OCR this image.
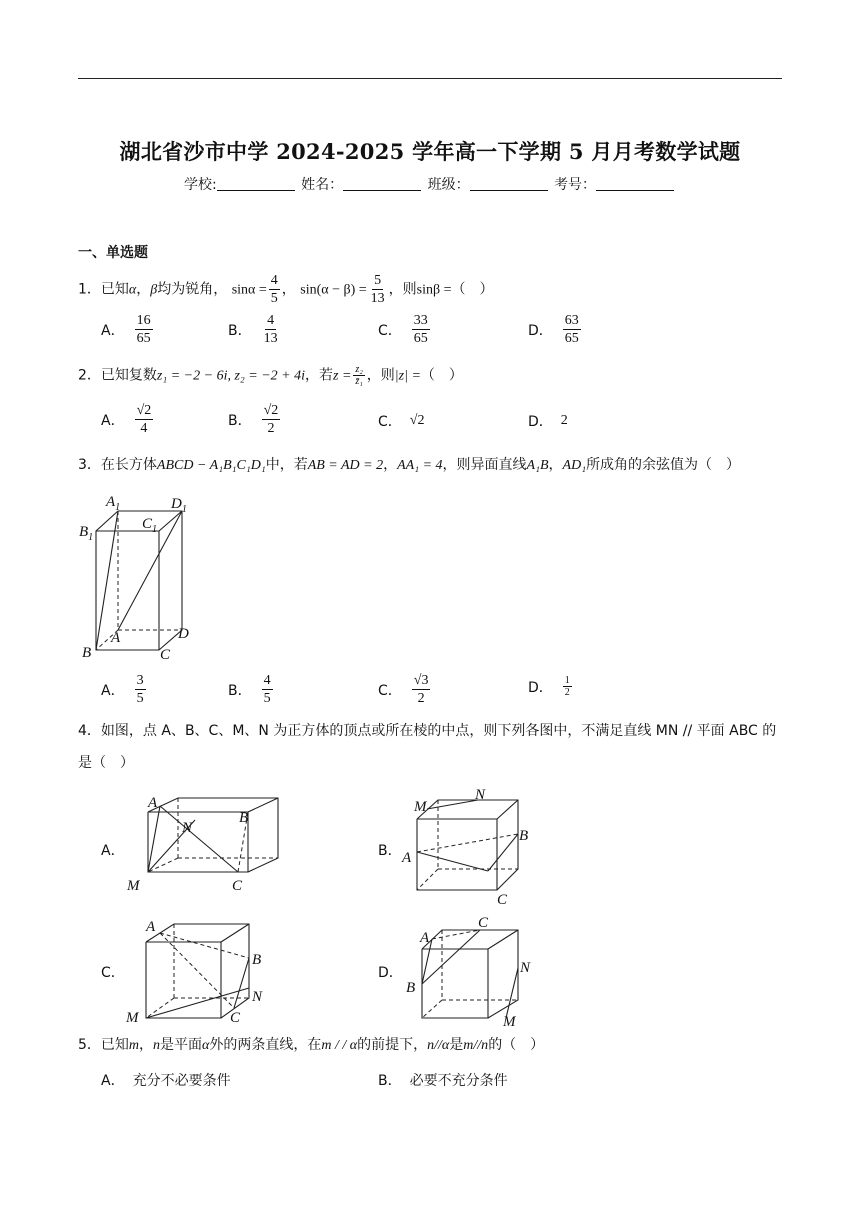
湖北省沙市中学 2024-2025 学年高一下学期 5 月月考数学试题
学校:	姓名：	班级：	考号：
一、单选题
1．已知α，β均为锐角， $\sin\alpha = \frac{4}{5}$ ， $\sin(\alpha - \beta) = \frac{5}{13}$ ，则sinβ =（　）
A． $\frac{16}{65}$	B． $\frac{4}{13}$	C． $\frac{33}{65}$	D． $\frac{63}{65}$
2．已知复数z₁ = −2 − 6i, z₂ = −2 + 4i，若$z = \frac{\text{z₂}}{\text{z̄₁}}$ ，则|z| =（　）
A． $\frac{√2}{4}$	B． $\frac{√2}{2}$	C． √2	D． 2
3．在长方体ABCD − A₁B₁C₁D₁中，若AB = AD = 2，AA₁ = 4，则异面直线A₁B，AD₁所成角的余弦值为（　）
$A_1$	$D_1$
$B_1$
$C_1$
A
B	C
D
A． $\frac{3}{5}$	B． $\frac{4}{5}$	C． $\frac{√3}{2}$	D． $\frac{1}{2}$
4．如图，点 A、B、C、M、N 为正方体的顶点或所在棱的中点，则下列各图中，不满足直线 MN // 平面 ABC 的
是（　）
A．
A
B
C
M
N
B．
M
N
B
A
C
C．
A
B
N
C
M
D．
A
C
B
N
M
5．已知m，n是平面α外的两条直线，在m / / α的前提下，n//α是m//n的（　）
A． 充分不必要条件	B． 必要不充分条件
